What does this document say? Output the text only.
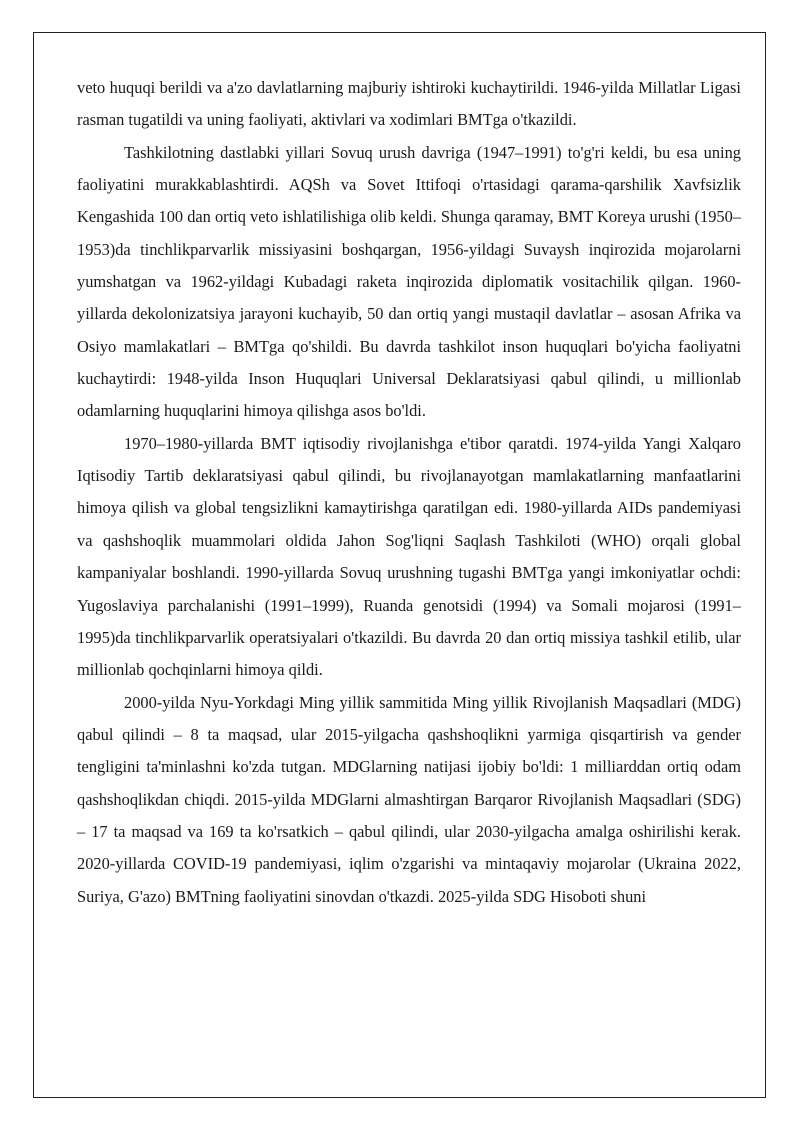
veto huquqi berildi va a'zo davlatlarning majburiy ishtiroki kuchaytirildi. 1946-yilda Millatlar Ligasi rasman tugatildi va uning faoliyati, aktivlari va xodimlari BMTga o'tkazildi.

Tashkilotning dastlabki yillari Sovuq urush davriga (1947–1991) to'g'ri keldi, bu esa uning faoliyatini murakkablashtirdi. AQSh va Sovet Ittifoqi o'rtasidagi qarama-qarshilik Xavfsizlik Kengashida 100 dan ortiq veto ishlatilishiga olib keldi. Shunga qaramay, BMT Koreya urushi (1950–1953)da tinchlikparvarlik missiyasini boshqargan, 1956-yildagi Suvaysh inqirozida mojarolarni yumshatgan va 1962-yildagi Kubadagi raketa inqirozida diplomatik vositachilik qilgan. 1960-yillarda dekolonizatsiya jarayoni kuchayib, 50 dan ortiq yangi mustaqil davlatlar – asosan Afrika va Osiyo mamlakatlari – BMTga qo'shildi. Bu davrda tashkilot inson huquqlari bo'yicha faoliyatni kuchaytirdi: 1948-yilda Inson Huquqlari Universal Deklaratsiyasi qabul qilindi, u millionlab odamlarning huquqlarini himoya qilishga asos bo'ldi.

1970–1980-yillarda BMT iqtisodiy rivojlanishga e'tibor qaratdi. 1974-yilda Yangi Xalqaro Iqtisodiy Tartib deklaratsiyasi qabul qilindi, bu rivojlanayotgan mamlakatlarning manfaatlarini himoya qilish va global tengsizlikni kamaytirishga qaratilgan edi. 1980-yillarda AIDs pandemiyasi va qashshoqlik muammolari oldida Jahon Sog'liqni Saqlash Tashkiloti (WHO) orqali global kampaniyalar boshlandi. 1990-yillarda Sovuq urushning tugashi BMTga yangi imkoniyatlar ochdi: Yugoslaviya parchalanishi (1991–1999), Ruanda genotsidi (1994) va Somali mojarosi (1991–1995)da tinchlikparvarlik operatsiyalari o'tkazildi. Bu davrda 20 dan ortiq missiya tashkil etilib, ular millionlab qochqinlarni himoya qildi.

2000-yilda Nyu-Yorkdagi Ming yillik sammitida Ming yillik Rivojlanish Maqsadlari (MDG) qabul qilindi – 8 ta maqsad, ular 2015-yilgacha qashshoqlikni yarmiga qisqartirish va gender tengligini ta'minlashni ko'zda tutgan. MDGlarning natijasi ijobiy bo'ldi: 1 milliarddan ortiq odam qashshoqlikdan chiqdi. 2015-yilda MDGlarni almashtirgan Barqaror Rivojlanish Maqsadlari (SDG) – 17 ta maqsad va 169 ta ko'rsatkich – qabul qilindi, ular 2030-yilgacha amalga oshirilishi kerak. 2020-yillarda COVID-19 pandemiyasi, iqlim o'zgarishi va mintaqaviy mojarolar (Ukraina 2022, Suriya, G'azo) BMTning faoliyatini sinovdan o'tkazdi. 2025-yilda SDG Hisoboti shuni
